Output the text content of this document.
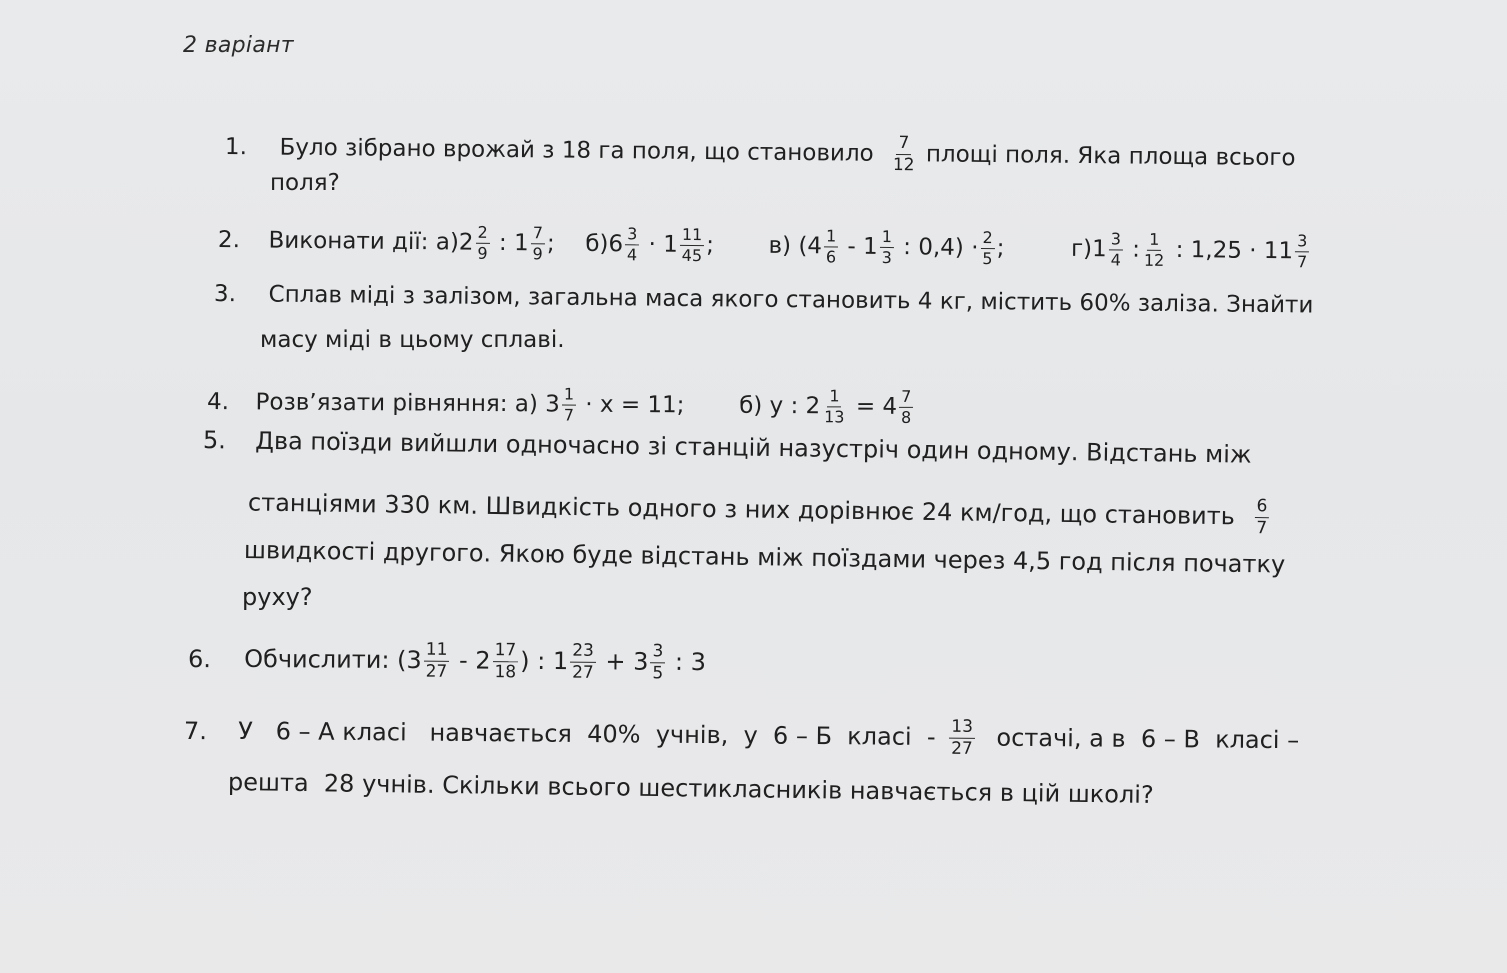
2 варіант
1. Було зібрано врожай з 18 га поля, що становило $\frac{7}{12}$ площі поля. Яка площа всього
поля?
2. Виконати дії: $а)2 \frac{2}{9}$ : $1 \frac{7}{9}$ ; $б)6 \frac{3}{4} \cdot 1 \frac{11}{45}$ ; в) ($4 \frac{1}{6} - 1 \frac{1}{3}$ : $0,4) \cdot \frac{2}{5}$ ;	$г)1 \frac{3}{4}$ : $\frac{1}{12}$ : $1,25 \cdot 11 \frac{3}{7}$
3. Сплав міді з залізом, загальна маса якого становить 4 кг, містить 60% заліза. Знайти
масу міді в цьому сплаві.
4. Розв’язати рівняння: а) $3 \frac{1}{7} \cdot х = 11$; б) у : $2 \frac{1}{13} = 4 \frac{7}{8}$
5. Два поїзди вийшли одночасно зі станцій назустріч один одному. Відстань між
станціями 330 км. Швидкість одного з них дорівнює 24 км/год, що становить $\frac{6}{7}$
швидкості другого. Якою буде відстань між поїздами через 4,5 год після початку
руху?
6. Обчислити: ($3 \frac{11}{27} - 2 \frac{17}{18}$ ) : $1 \frac{23}{27} + 3 \frac{3}{5}$ : 3
7. У   6 – А класі   навчається  40%  учнів,  у  6 – Б  класі  - $\frac{13}{27}$ остачі, а в  6 – В  класі –
решта  28 учнів. Скільки всього шестикласників навчається в цій школі?
